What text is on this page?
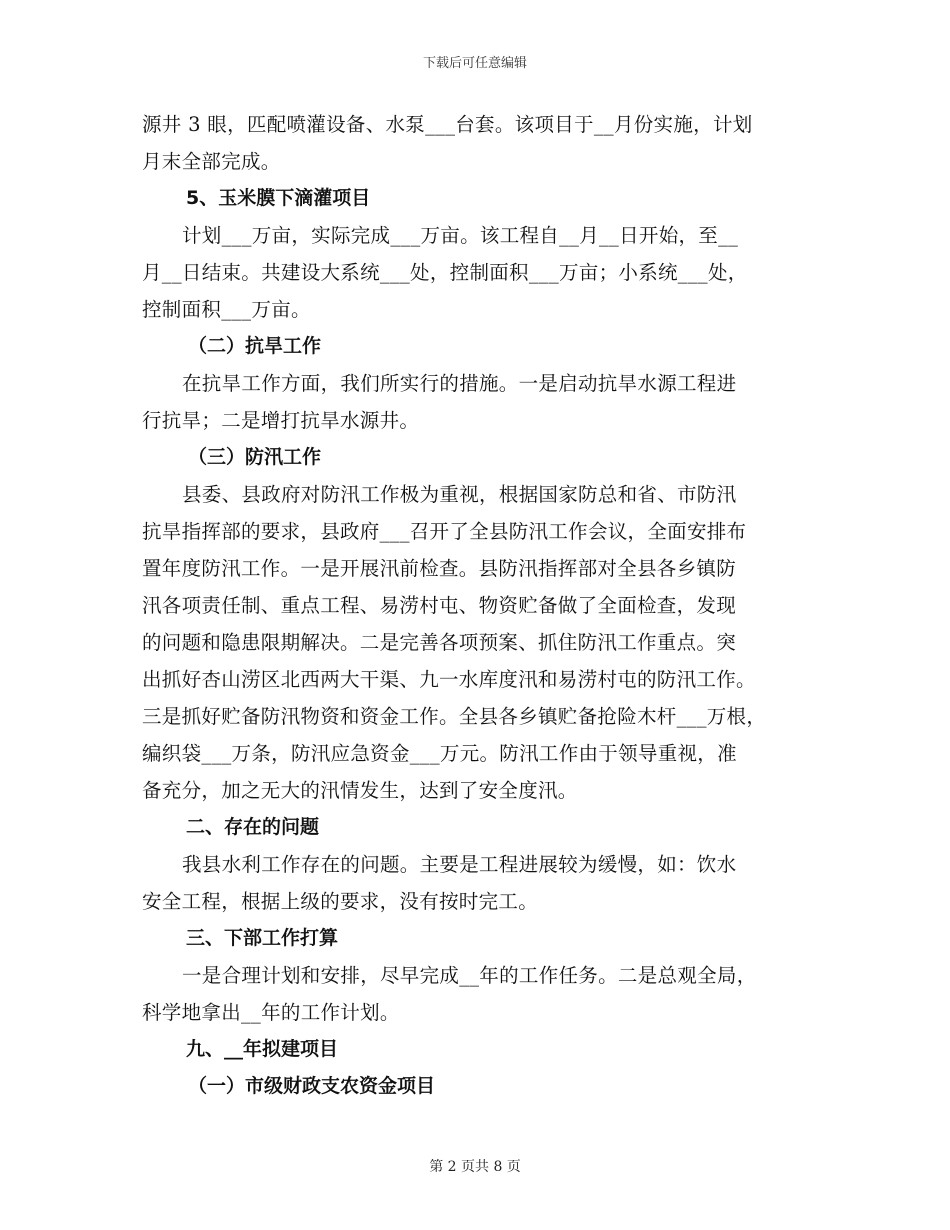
下载后可任意编辑
源井 3 眼，匹配喷灌设备、水泵___台套。该项目于__月份实施，计划
月末全部完成。
5、玉米膜下滴灌项目
计划___万亩，实际完成___万亩。该工程自__月__日开始，至__
月__日结束。共建设大系统___处，控制面积___万亩；小系统___处，
控制面积___万亩。
（二）抗旱工作
在抗旱工作方面，我们所实行的措施。一是启动抗旱水源工程进
行抗旱；二是增打抗旱水源井。
（三）防汛工作
县委、县政府对防汛工作极为重视，根据国家防总和省、市防汛
抗旱指挥部的要求，县政府___召开了全县防汛工作会议，全面安排布
置年度防汛工作。一是开展汛前检查。县防汛指挥部对全县各乡镇防
汛各项责任制、重点工程、易涝村屯、物资贮备做了全面检查，发现
的问题和隐患限期解决。二是完善各项预案、抓住防汛工作重点。突
出抓好杏山涝区北西两大干渠、九一水库度汛和易涝村屯的防汛工作。
三是抓好贮备防汛物资和资金工作。全县各乡镇贮备抢险木杆___万根，
编织袋___万条，防汛应急资金___万元。防汛工作由于领导重视，准
备充分，加之无大的汛情发生，达到了安全度汛。
二、存在的问题
我县水利工作存在的问题。主要是工程进展较为缓慢，如：饮水
安全工程，根据上级的要求，没有按时完工。
三、下部工作打算
一是合理计划和安排，尽早完成__年的工作任务。二是总观全局，
科学地拿出__年的工作计划。
九、__年拟建项目
（一）市级财政支农资金项目
第 2 页共 8 页
